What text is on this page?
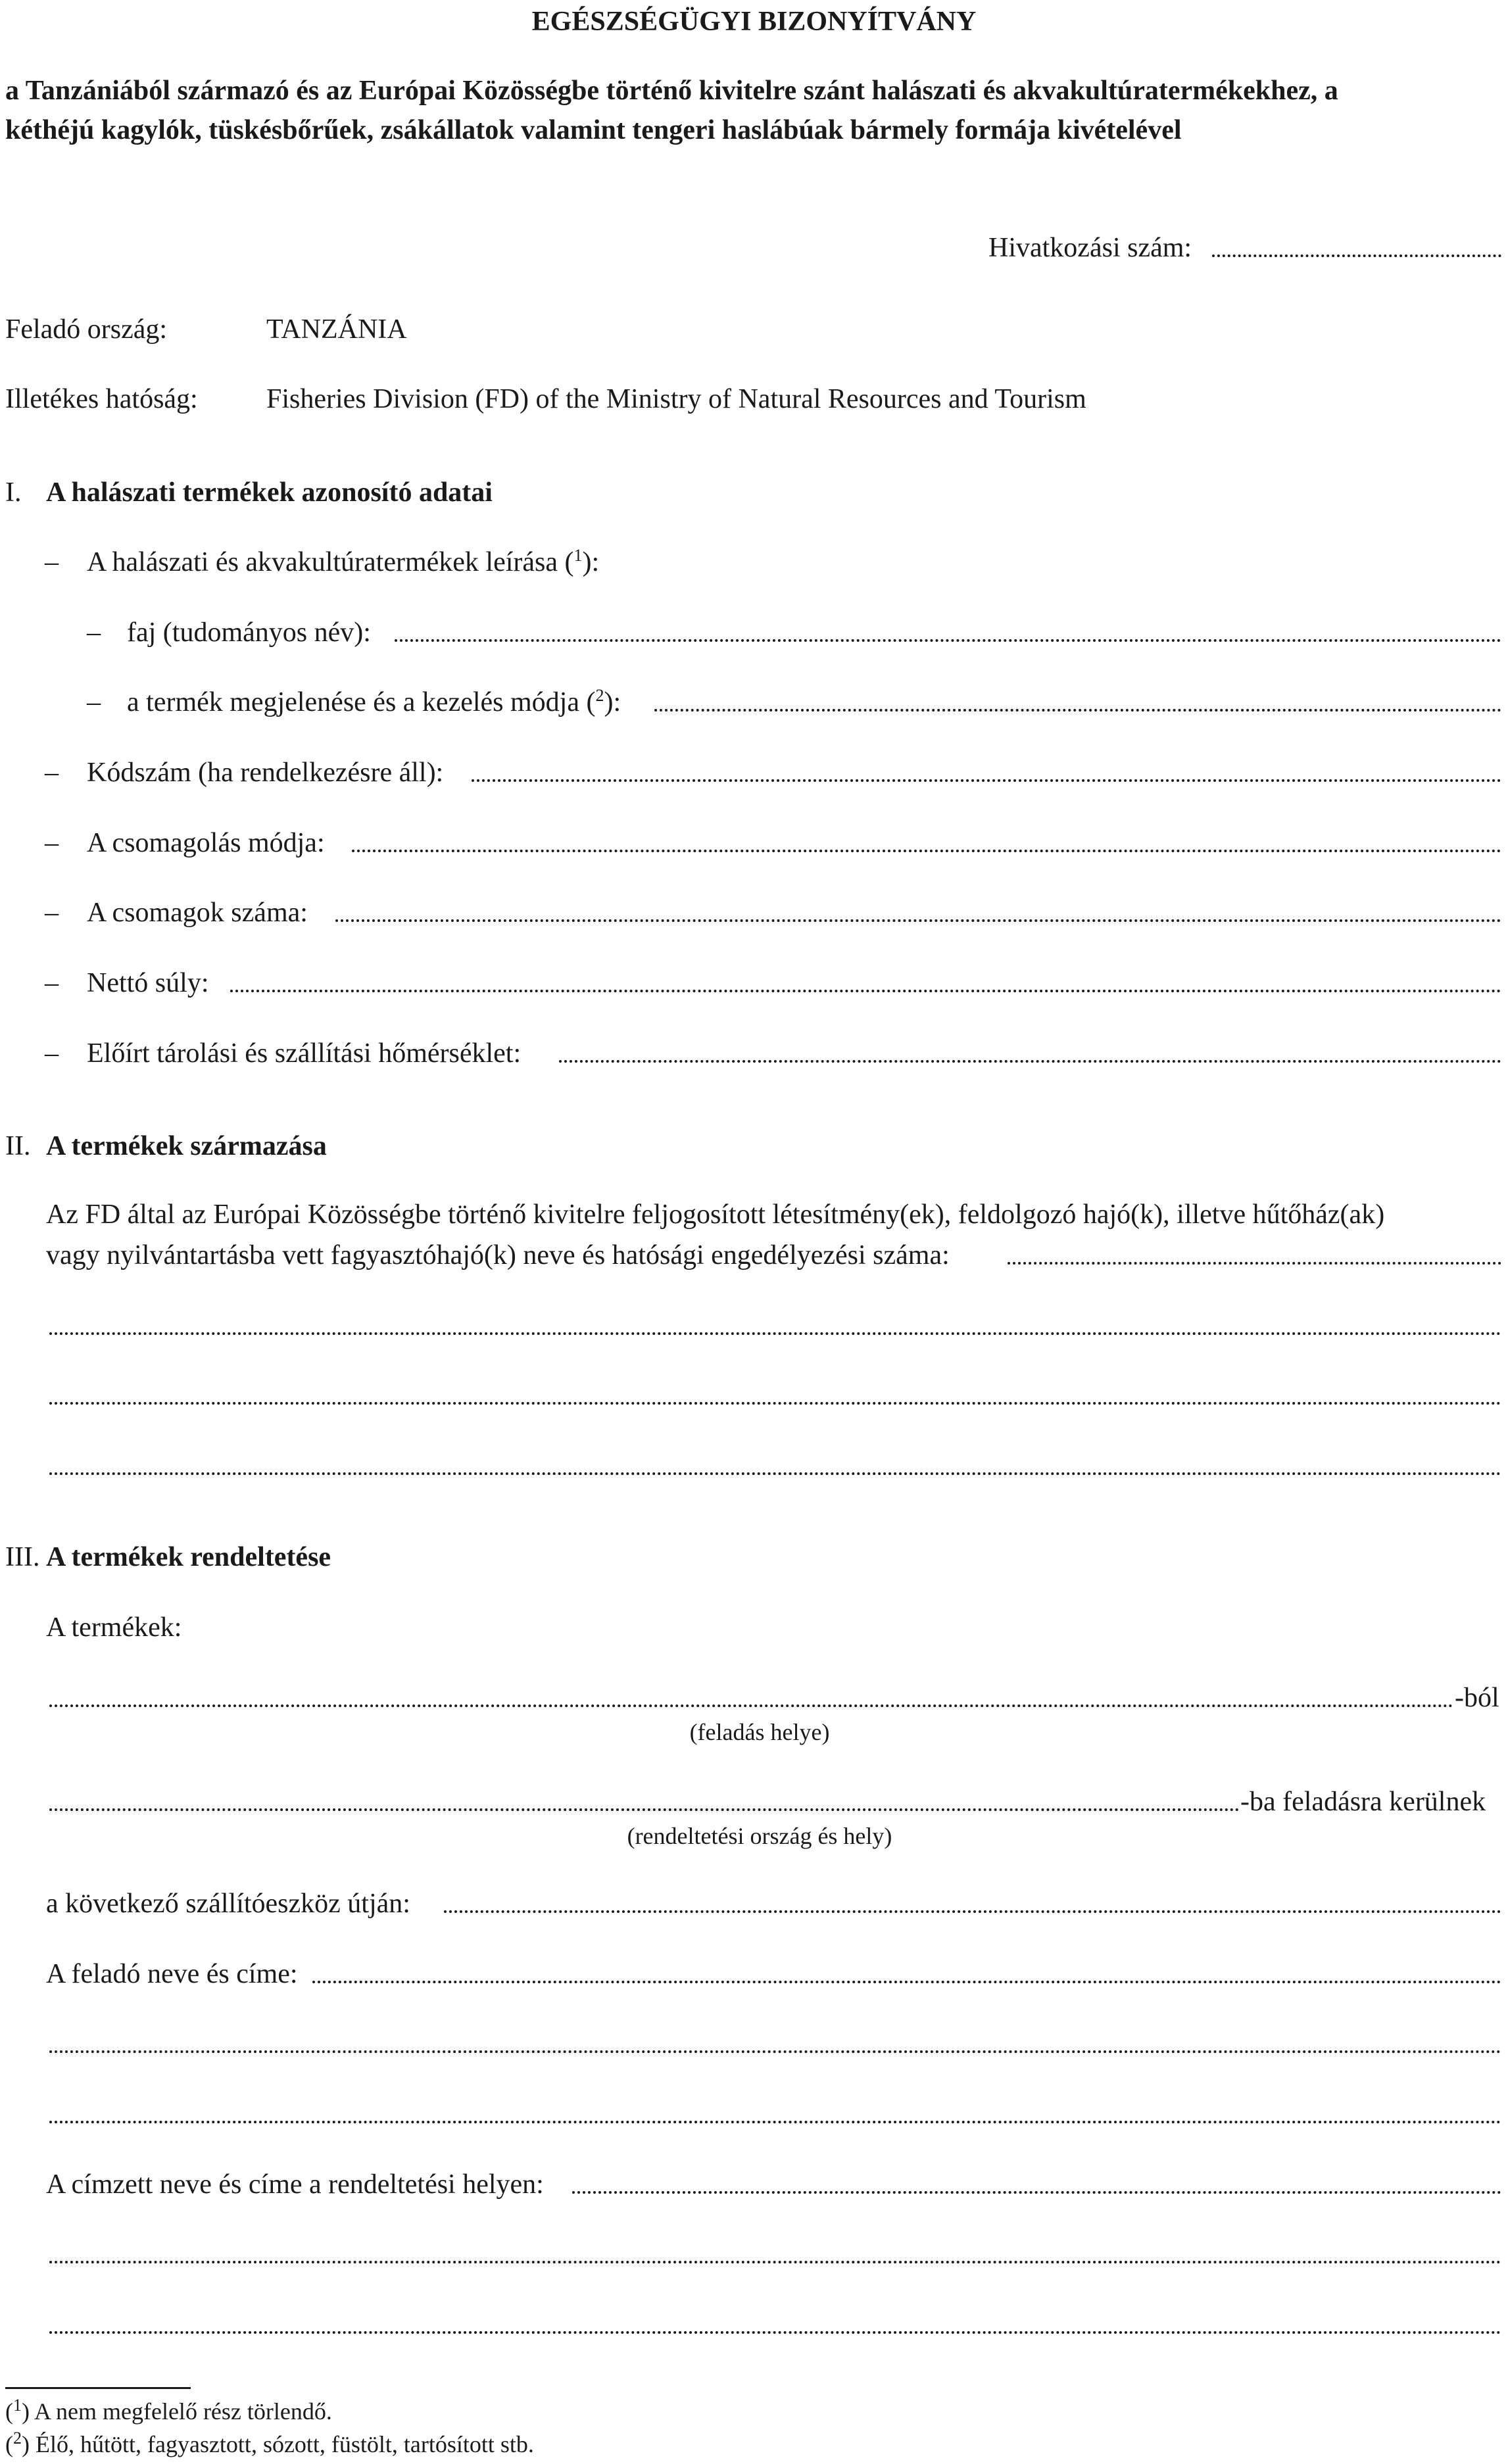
EGÉSZSÉGÜGYI BIZONYÍTVÁNY
a Tanzániából származó és az Európai Közösségbe történő kivitelre szánt halászati és akvakultúratermékekhez, a
kéthéjú kagylók, tüskésbőrűek, zsákállatok valamint tengeri haslábúak bármely formája kivételével
Hivatkozási szám:
Feladó ország:	TANZÁNIA
Illetékes hatóság: Fisheries Division (FD) of the Ministry of Natural Resources and Tourism
I. A halászati termékek azonosító adatai
– A halászati és akvakultúratermékek leírása ($^1$):
– faj (tudományos név):
– a termék megjelenése és a kezelés módja ($^2$):
– Kódszám (ha rendelkezésre áll):
– A csomagolás módja:
– A csomagok száma:
– Nettó súly:
– Előírt tárolási és szállítási hőmérséklet:
II. A termékek származása
Az FD által az Európai Közösségbe történő kivitelre feljogosított létesítmény(ek), feldolgozó hajó(k), illetve hűtőház(ak)
vagy nyilvántartásba vett fagyasztóhajó(k) neve és hatósági engedélyezési száma:
III. A termékek rendeltetése
A termékek:
-ból
(feladás helye)
-ba feladásra kerülnek
(rendeltetési ország és hely)
a következő szállítóeszköz útján:
A feladó neve és címe:
A címzett neve és címe a rendeltetési helyen:
($^1$) A nem megfelelő rész törlendő.
($^2$) Élő, hűtött, fagyasztott, sózott, füstölt, tartósított stb.
